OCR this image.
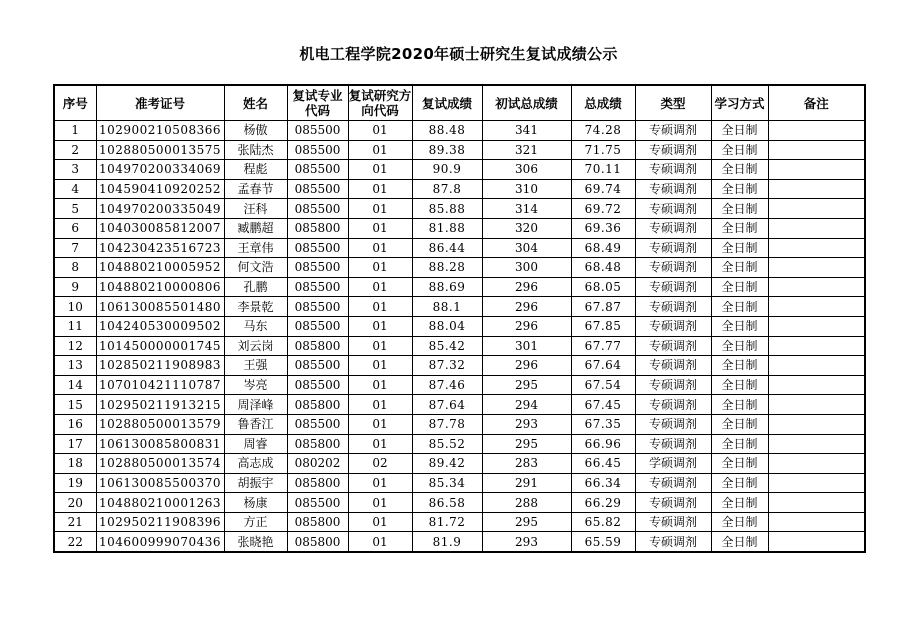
机电工程学院2020年硕士研究生复试成绩公示
序号	准考证号	姓名	复试专业代码	复试研究方向代码	复试成绩	初试总成绩	总成绩	类型	学习方式	备注
1	102900210508366	杨傲	085500	01	88.48	341	74.28	专硕调剂	全日制	
2	102880500013575	张陆杰	085500	01	89.38	321	71.75	专硕调剂	全日制	
3	104970200334069	程彪	085500	01	90.9	306	70.11	专硕调剂	全日制	
4	104590410920252	孟春节	085500	01	87.8	310	69.74	专硕调剂	全日制	
5	104970200335049	汪科	085500	01	85.88	314	69.72	专硕调剂	全日制	
6	104030085812007	臧鹏超	085800	01	81.88	320	69.36	专硕调剂	全日制	
7	104230423516723	王章伟	085500	01	86.44	304	68.49	专硕调剂	全日制	
8	104880210005952	何文浩	085500	01	88.28	300	68.48	专硕调剂	全日制	
9	104880210000806	孔鹏	085500	01	88.69	296	68.05	专硕调剂	全日制	
10	106130085501480	李景乾	085500	01	88.1	296	67.87	专硕调剂	全日制	
11	104240530009502	马东	085500	01	88.04	296	67.85	专硕调剂	全日制	
12	101450000001745	刘云岗	085800	01	85.42	301	67.77	专硕调剂	全日制	
13	102850211908983	王强	085500	01	87.32	296	67.64	专硕调剂	全日制	
14	107010421110787	岑亮	085500	01	87.46	295	67.54	专硕调剂	全日制	
15	102950211913215	周泽峰	085800	01	87.64	294	67.45	专硕调剂	全日制	
16	102880500013579	鲁香江	085500	01	87.78	293	67.35	专硕调剂	全日制	
17	106130085800831	周睿	085800	01	85.52	295	66.96	专硕调剂	全日制	
18	102880500013574	高志成	080202	02	89.42	283	66.45	学硕调剂	全日制	
19	106130085500370	胡振宇	085800	01	85.34	291	66.34	专硕调剂	全日制	
20	104880210001263	杨康	085500	01	86.58	288	66.29	专硕调剂	全日制	
21	102950211908396	方正	085800	01	81.72	295	65.82	专硕调剂	全日制	
22	104600999070436	张晓艳	085800	01	81.9	293	65.59	专硕调剂	全日制	
